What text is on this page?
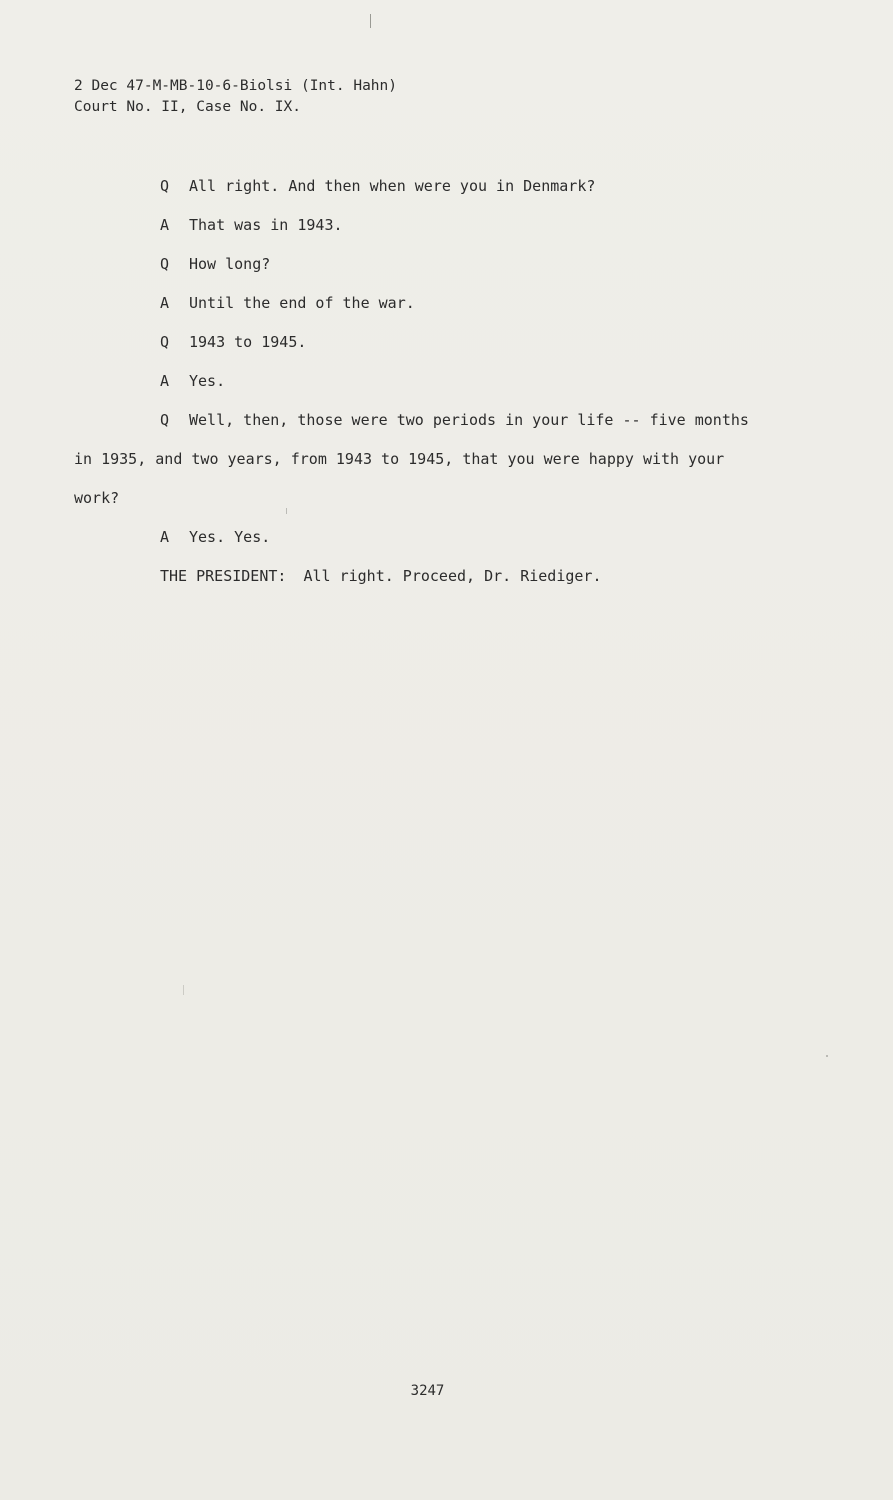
2 Dec 47-M-MB-10-6-Biolsi (Int. Hahn)
Court No. II, Case No. IX.
Q All right. And then when were you in Denmark?
A That was in 1943.
Q How long?
A Until the end of the war.
Q 1943 to 1945.
A Yes.
Q Well, then, those were two periods in your life -- five months
in 1935, and two years, from 1943 to 1945, that you were happy with your
work?
A Yes. Yes.
THE PRESIDENT: All right. Proceed, Dr. Riediger.
3247
